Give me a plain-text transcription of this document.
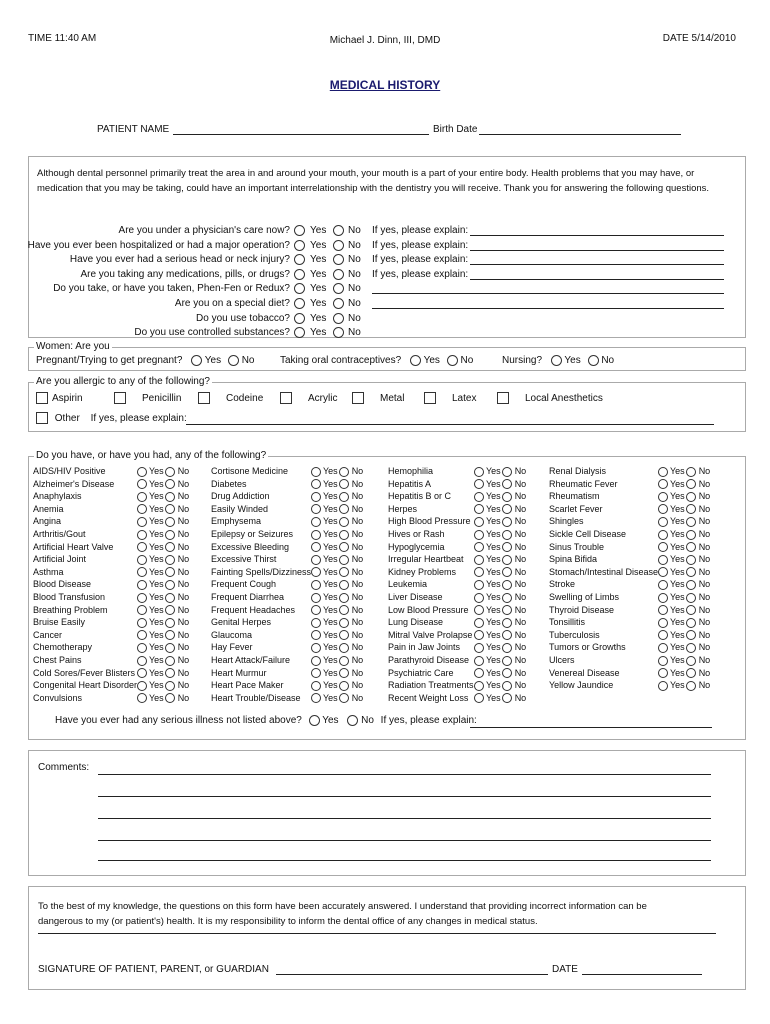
TIME 11:40 AM	Michael J. Dinn, III, DMD	DATE 5/14/2010
MEDICAL HISTORY
PATIENT NAME	Birth Date
Although dental personnel primarily treat the area in and around your mouth, your mouth is a part of your entire body. Health problems that you may have, or medication that you may be taking, could have an important interrelationship with the dentistry you will receive. Thank you for answering the following questions.
Are you under a physician's care now? Yes No If yes, please explain:
Have you ever been hospitalized or had a major operation? Yes No If yes, please explain:
Have you ever had a serious head or neck injury? Yes No If yes, please explain:
Are you taking any medications, pills, or drugs? Yes No If yes, please explain:
Do you take, or have you taken, Phen-Fen or Redux? Yes No
Are you on a special diet? Yes No
Do you use tobacco? Yes No
Do you use controlled substances? Yes No
Women: Are you
Pregnant/Trying to get pregnant? Yes No	Taking oral contraceptives? Yes No	Nursing? Yes No
Are you allergic to any of the following?
Aspirin	Penicillin	Codeine	Acrylic	Metal	Latex	Local Anesthetics
Other If yes, please explain:
Do you have, or have you had, any of the following?
AIDS/HIV Positive	Yes No
Alzheimer's Disease	Yes No
Anaphylaxis	Yes No
Anemia	Yes No
Angina	Yes No
Arthritis/Gout	Yes No
Artificial Heart Valve	Yes No
Artificial Joint	Yes No
Asthma	Yes No
Blood Disease	Yes No
Blood Transfusion	Yes No
Breathing Problem	Yes No
Bruise Easily	Yes No
Cancer	Yes No
Chemotherapy	Yes No
Chest Pains	Yes No
Cold Sores/Fever Blisters	Yes No
Congenital Heart Disorder	Yes No
Convulsions	Yes No
Cortisone Medicine	Yes No
Diabetes	Yes No
Drug Addiction	Yes No
Easily Winded	Yes No
Emphysema	Yes No
Epilepsy or Seizures	Yes No
Excessive Bleeding	Yes No
Excessive Thirst	Yes No
Fainting Spells/Dizziness	Yes No
Frequent Cough	Yes No
Frequent Diarrhea	Yes No
Frequent Headaches	Yes No
Genital Herpes	Yes No
Glaucoma	Yes No
Hay Fever	Yes No
Heart Attack/Failure	Yes No
Heart Murmur	Yes No
Heart Pace Maker	Yes No
Heart Trouble/Disease	Yes No
Hemophilia	Yes No
Hepatitis A	Yes No
Hepatitis B or C	Yes No
Herpes	Yes No
High Blood Pressure	Yes No
Hives or Rash	Yes No
Hypoglycemia	Yes No
Irregular Heartbeat	Yes No
Kidney Problems	Yes No
Leukemia	Yes No
Liver Disease	Yes No
Low Blood Pressure	Yes No
Lung Disease	Yes No
Mitral Valve Prolapse	Yes No
Pain in Jaw Joints	Yes No
Parathyroid Disease	Yes No
Psychiatric Care	Yes No
Radiation Treatments	Yes No
Recent Weight Loss	Yes No
Renal Dialysis	Yes No
Rheumatic Fever	Yes No
Rheumatism	Yes No
Scarlet Fever	Yes No
Shingles	Yes No
Sickle Cell Disease	Yes No
Sinus Trouble	Yes No
Spina Bifida	Yes No
Stomach/Intestinal Disease	Yes No
Stroke	Yes No
Swelling of Limbs	Yes No
Thyroid Disease	Yes No
Tonsillitis	Yes No
Tuberculosis	Yes No
Tumors or Growths	Yes No
Ulcers	Yes No
Venereal Disease	Yes No
Yellow Jaundice	Yes No
Have you ever had any serious illness not listed above? Yes No If yes, please explain:
Comments:
To the best of my knowledge, the questions on this form have been accurately answered. I understand that providing incorrect information can be dangerous to my (or patient's) health. It is my responsibility to inform the dental office of any changes in medical status.
SIGNATURE OF PATIENT, PARENT, or GUARDIAN	DATE
